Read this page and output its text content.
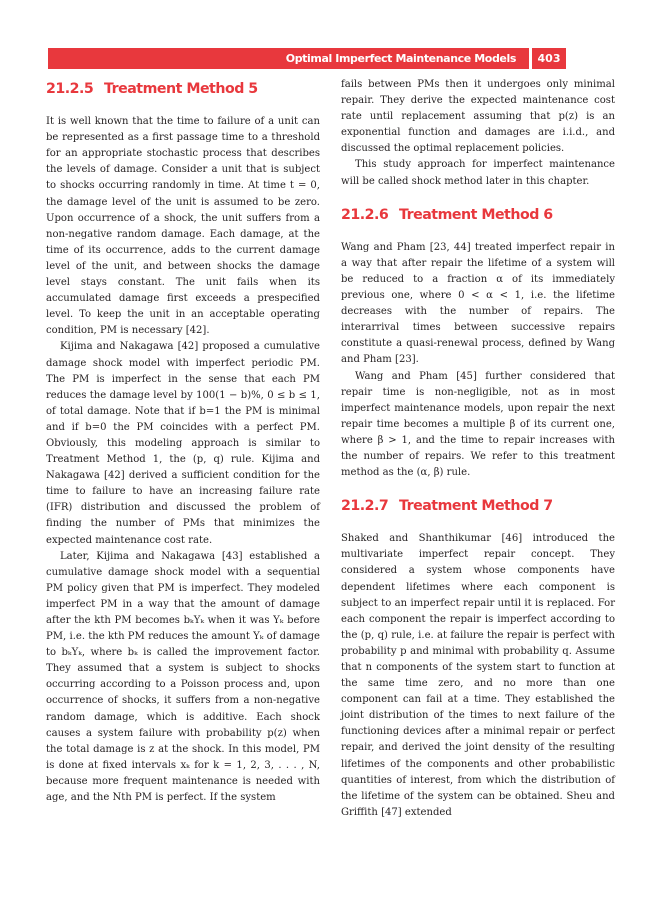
Optimal Imperfect Maintenance Models	403
21.2.5 Treatment Method 5

It is well known that the time to failure of a unit can be represented as a first passage time to a threshold for an appropriate stochastic process that describes the levels of damage. Consider a unit that is subject to shocks occurring randomly in time. At time t = 0, the damage level of the unit is assumed to be zero. Upon occurrence of a shock, the unit suffers from a non-negative random damage. Each damage, at the time of its occurrence, adds to the current damage level of the unit, and between shocks the damage level stays constant. The unit fails when its accumulated damage first exceeds a prespecified level. To keep the unit in an acceptable operating condition, PM is necessary [42].

Kijima and Nakagawa [42] proposed a cumulative damage shock model with imperfect periodic PM. The PM is imperfect in the sense that each PM reduces the damage level by 100(1 − b)%, 0 ≤ b ≤ 1, of total damage. Note that if b=1 the PM is minimal and if b=0 the PM coincides with a perfect PM. Obviously, this modeling approach is similar to Treatment Method 1, the (p, q) rule. Kijima and Nakagawa [42] derived a sufficient condition for the time to failure to have an increasing failure rate (IFR) distribution and discussed the problem of finding the number of PMs that minimizes the expected maintenance cost rate.

Later, Kijima and Nakagawa [43] established a cumulative damage shock model with a sequential PM policy given that PM is imperfect. They modeled imperfect PM in a way that the amount of damage after the kth PM becomes bₖYₖ when it was Yₖ before PM, i.e. the kth PM reduces the amount Yₖ of damage to bₖYₖ, where bₖ is called the improvement factor. They assumed that a system is subject to shocks occurring according to a Poisson process and, upon occurrence of shocks, it suffers from a non-negative random damage, which is additive. Each shock causes a system failure with probability p(z) when the total damage is z at the shock. In this model, PM is done at fixed intervals xₖ for k = 1, 2, 3, . . . , N, because more frequent maintenance is needed with age, and the Nth PM is perfect. If the system

fails between PMs then it undergoes only minimal repair. They derive the expected maintenance cost rate until replacement assuming that p(z) is an exponential function and damages are i.i.d., and discussed the optimal replacement policies.

This study approach for imperfect maintenance will be called shock method later in this chapter.

21.2.6 Treatment Method 6

Wang and Pham [23, 44] treated imperfect repair in a way that after repair the lifetime of a system will be reduced to a fraction α of its immediately previous one, where 0 < α < 1, i.e. the lifetime decreases with the number of repairs. The interarrival times between successive repairs constitute a quasi-renewal process, defined by Wang and Pham [23].

Wang and Pham [45] further considered that repair time is non-negligible, not as in most imperfect maintenance models, upon repair the next repair time becomes a multiple β of its current one, where β > 1, and the time to repair increases with the number of repairs. We refer to this treatment method as the (α, β) rule.

21.2.7 Treatment Method 7

Shaked and Shanthikumar [46] introduced the multivariate imperfect repair concept. They considered a system whose components have dependent lifetimes where each component is subject to an imperfect repair until it is replaced. For each component the repair is imperfect according to the (p, q) rule, i.e. at failure the repair is perfect with probability p and minimal with probability q. Assume that n components of the system start to function at the same time zero, and no more than one component can fail at a time. They established the joint distribution of the times to next failure of the functioning devices after a minimal repair or perfect repair, and derived the joint density of the resulting lifetimes of the components and other probabilistic quantities of interest, from which the distribution of the lifetime of the system can be obtained. Sheu and Griffith [47] extended
